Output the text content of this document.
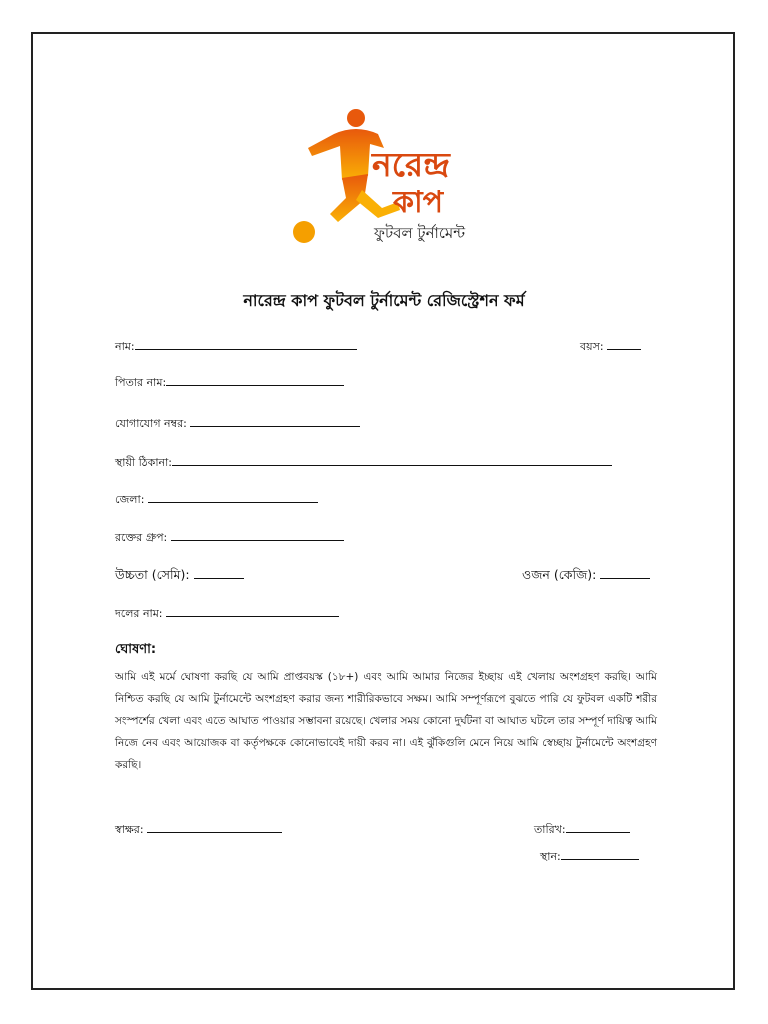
নরেন্দ্র
কাপ
ফুটবল টুর্নামেন্ট
নারেন্দ্র কাপ ফুটবল টুর্নামেন্ট রেজিস্ট্রেশন ফর্ম
নাম:	বয়স:
পিতার নাম:
যোগাযোগ নম্বর:
স্থায়ী ঠিকানা:
জেলা:
রক্তের গ্রুপ:
উচ্চতা (সেমি):	ওজন (কেজি):
দলের নাম:
ঘোষণা:
আমি এই মর্মে ঘোষণা করছি যে আমি প্রাপ্তবয়স্ক (১৮+) এবং আমি আমার নিজের ইচ্ছায় এই খেলায় অংশগ্রহণ করছি। আমি নিশ্চিত করছি যে আমি টুর্নামেন্টে অংশগ্রহণ করার জন্য শারীরিকভাবে সক্ষম। আমি সম্পূর্ণরূপে বুঝতে পারি যে ফুটবল একটি শরীর সংস্পর্শের খেলা এবং এতে আঘাত পাওয়ার সম্ভাবনা রয়েছে। খেলার সময় কোনো দুর্ঘটনা বা আঘাত ঘটলে তার সম্পূর্ণ দায়িত্ব আমি নিজে নেব এবং আয়োজক বা কর্তৃপক্ষকে কোনোভাবেই দায়ী করব না। এই ঝুঁকিগুলি মেনে নিয়ে আমি স্বেচ্ছায় টুর্নামেন্টে অংশগ্রহণ করছি।
স্বাক্ষর:	তারিখ:
স্থান:
